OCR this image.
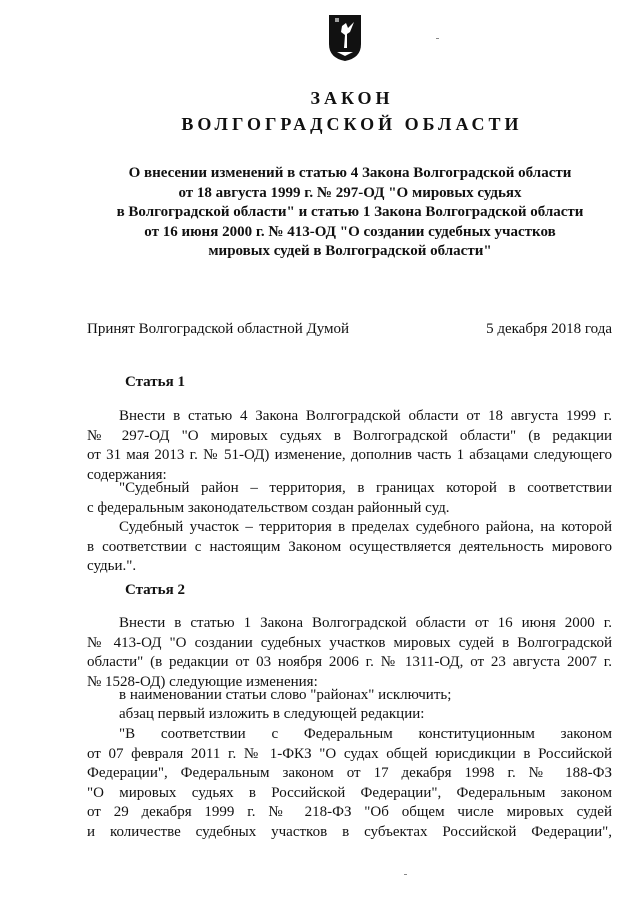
ЗАКОН
ВОЛГОГРАДСКОЙ ОБЛАСТИ
О внесении изменений в статью 4 Закона Волгоградской области
от 18 августа 1999 г. № 297-ОД "О мировых судьях
в Волгоградской области" и статью 1 Закона Волгоградской области
от 16 июня 2000 г. № 413-ОД "О создании судебных участков
мировых судей в Волгоградской области"
Принят Волгоградской областной Думой	5 декабря 2018 года
Статья 1
Внести в статью 4 Закона Волгоградской области от 18 августа 1999 г.
№ 297-ОД "О мировых судьях в Волгоградской области" (в редакции
от 31 мая 2013 г. № 51-ОД) изменение, дополнив часть 1 абзацами следующего
содержания:
"Судебный район – территория, в границах которой в соответствии
с федеральным законодательством создан районный суд.
Судебный участок – территория в пределах судебного района, на которой
в соответствии с настоящим Законом осуществляется деятельность мирового
судьи.".
Статья 2
Внести в статью 1 Закона Волгоградской области от 16 июня 2000 г.
№ 413-ОД "О создании судебных участков мировых судей в Волгоградской
области" (в редакции от 03 ноября 2006 г. № 1311-ОД, от 23 августа 2007 г.
№ 1528-ОД) следующие изменения:
в наименовании статьи слово "районах" исключить;
абзац первый изложить в следующей редакции:
"В соответствии с Федеральным конституционным законом
от 07 февраля 2011 г. № 1-ФКЗ "О судах общей юрисдикции в Российской
Федерации", Федеральным законом от 17 декабря 1998 г. № 188-ФЗ
"О мировых судьях в Российской Федерации", Федеральным законом
от 29 декабря 1999 г. № 218-ФЗ "Об общем числе мировых судей
и количестве судебных участков в субъектах Российской Федерации",
